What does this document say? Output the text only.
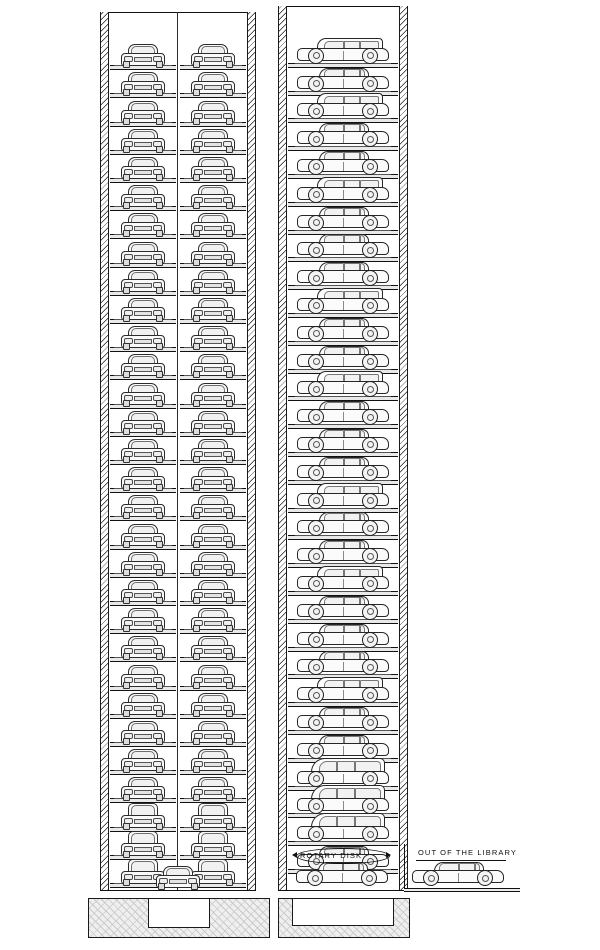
ROTARY DISK	OUT OF THE LIBRARY
